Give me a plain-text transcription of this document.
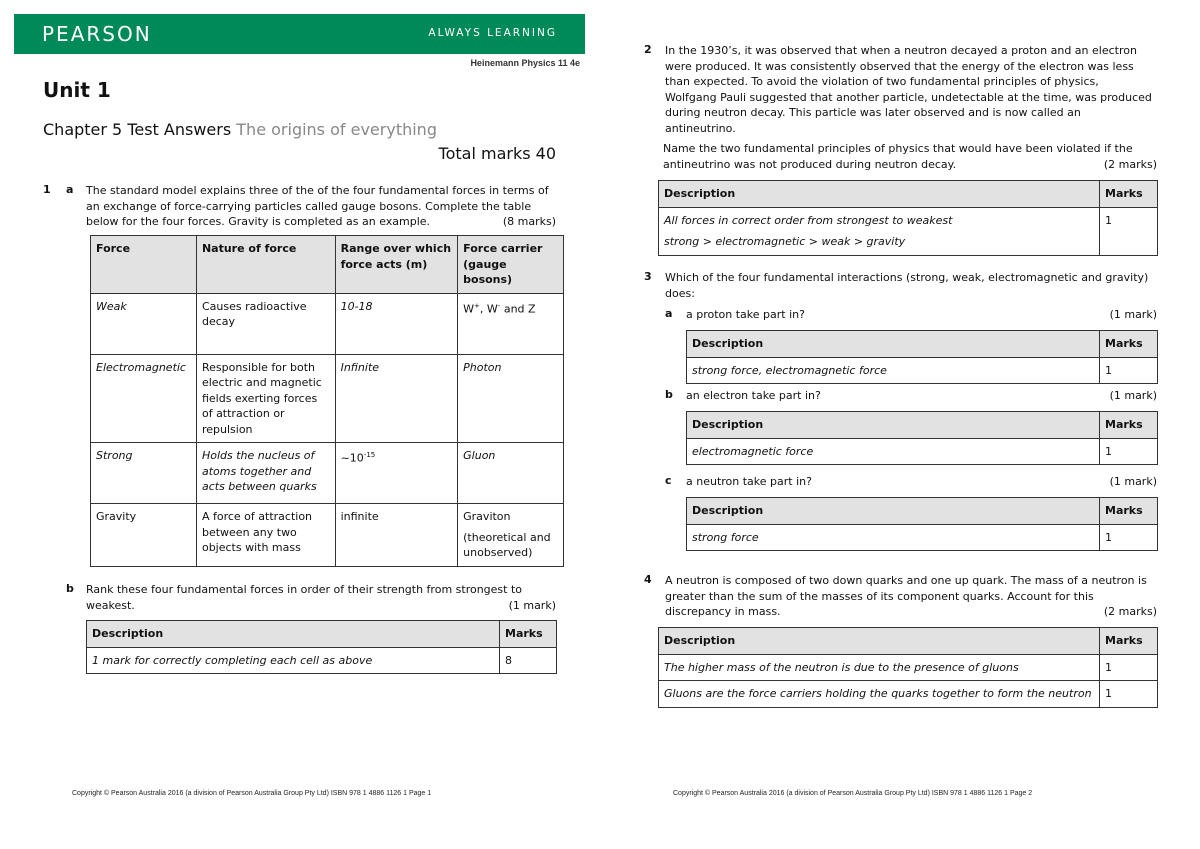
PEARSON	ALWAYS LEARNING
Heinemann Physics 11 4e
Unit 1
Chapter 5 Test Answers The origins of everything
Total marks 40
1 a The standard model explains three of the of the four fundamental forces in terms of
an exchange of force-carrying particles called gauge bosons. Complete the table
below for the four forces. Gravity is completed as an example.	(8 marks)
Force	Nature of force	Range over which force acts (m)	Force carrier (gauge bosons)
Weak	Causes radioactive decay	10-18	W+, W- and Z
Electromagnetic	Responsible for both electric and magnetic fields exerting forces of attraction or repulsion	Infinite	Photon
Strong	Holds the nucleus of atoms together and acts between quarks	$\sim 10^{-15}$	Gluon
Gravity	A force of attraction between any two objects with mass	infinite	Graviton
(theoretical and unobserved)
b Rank these four fundamental forces in order of their strength from strongest to
weakest.	(1 mark)
Description	Marks
1 mark for correctly completing each cell as above	8
Copyright © Pearson Australia 2016 (a division of Pearson Australia Group Pty Ltd) ISBN 978 1 4886 1126 1 Page 1
2 In the 1930’s, it was observed that when a neutron decayed a proton and an electron
were produced. It was consistently observed that the energy of the electron was less
than expected. To avoid the violation of two fundamental principles of physics,
Wolfgang Pauli suggested that another particle, undetectable at the time, was produced
during neutron decay. This particle was later observed and is now called an
antineutrino.
Name the two fundamental principles of physics that would have been violated if the
antineutrino was not produced during neutron decay.	(2 marks)
Description	Marks

All forces in correct order from strongest to weakest
strong > electromagnetic > weak > gravity	1
3 Which of the four fundamental interactions (strong, weak, electromagnetic and gravity)
does:
a a proton take part in?	(1 mark)
Description	Marks
strong force, electromagnetic force	1
b an electron take part in?	(1 mark)
Description	Marks
electromagnetic force	1
c a neutron take part in?	(1 mark)
Description	Marks
strong force	1
4 A neutron is composed of two down quarks and one up quark. The mass of a neutron is
greater than the sum of the masses of its component quarks. Account for this
discrepancy in mass.	(2 marks)
Description	Marks
The higher mass of the neutron is due to the presence of gluons	1
Gluons are the force carriers holding the quarks together to form the neutron	1
Copyright © Pearson Australia 2016 (a division of Pearson Australia Group Pty Ltd) ISBN 978 1 4886 1126 1 Page 2
